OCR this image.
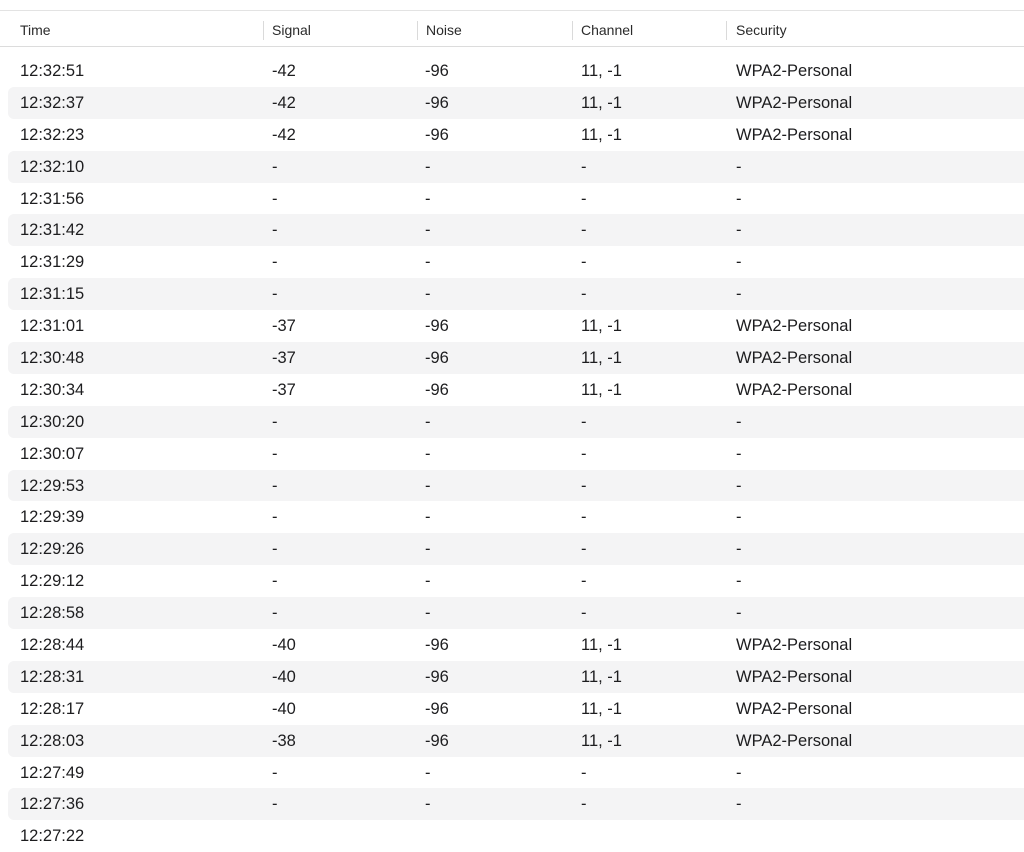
Time	Signal	Noise	Channel	Security
12:32:51	-42	-96	11, -1	WPA2-Personal
12:32:37	-42	-96	11, -1	WPA2-Personal
12:32:23	-42	-96	11, -1	WPA2-Personal
12:32:10	-	-	-	-
12:31:56	-	-	-	-
12:31:42	-	-	-	-
12:31:29	-	-	-	-
12:31:15	-	-	-	-
12:31:01	-37	-96	11, -1	WPA2-Personal
12:30:48	-37	-96	11, -1	WPA2-Personal
12:30:34	-37	-96	11, -1	WPA2-Personal
12:30:20	-	-	-	-
12:30:07	-	-	-	-
12:29:53	-	-	-	-
12:29:39	-	-	-	-
12:29:26	-	-	-	-
12:29:12	-	-	-	-
12:28:58	-	-	-	-
12:28:44	-40	-96	11, -1	WPA2-Personal
12:28:31	-40	-96	11, -1	WPA2-Personal
12:28:17	-40	-96	11, -1	WPA2-Personal
12:28:03	-38	-96	11, -1	WPA2-Personal
12:27:49	-	-	-	-
12:27:36	-	-	-	-
12:27:22
